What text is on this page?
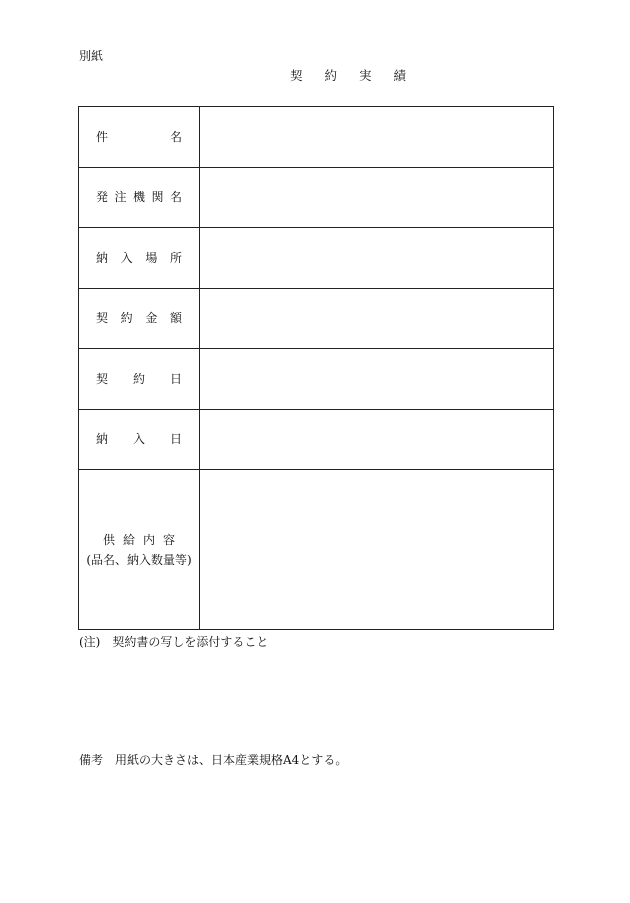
別紙
契 約 実 績
件 名	

発 注 機 関 名	

納 入 場 所	

契 約 金 額	

契 約 日	

納 入 日	

供給内容
(品名、納入数量等)	

(注) 契約書の写しを添付すること
備考 用紙の大きさは、日本産業規格A4とする。
